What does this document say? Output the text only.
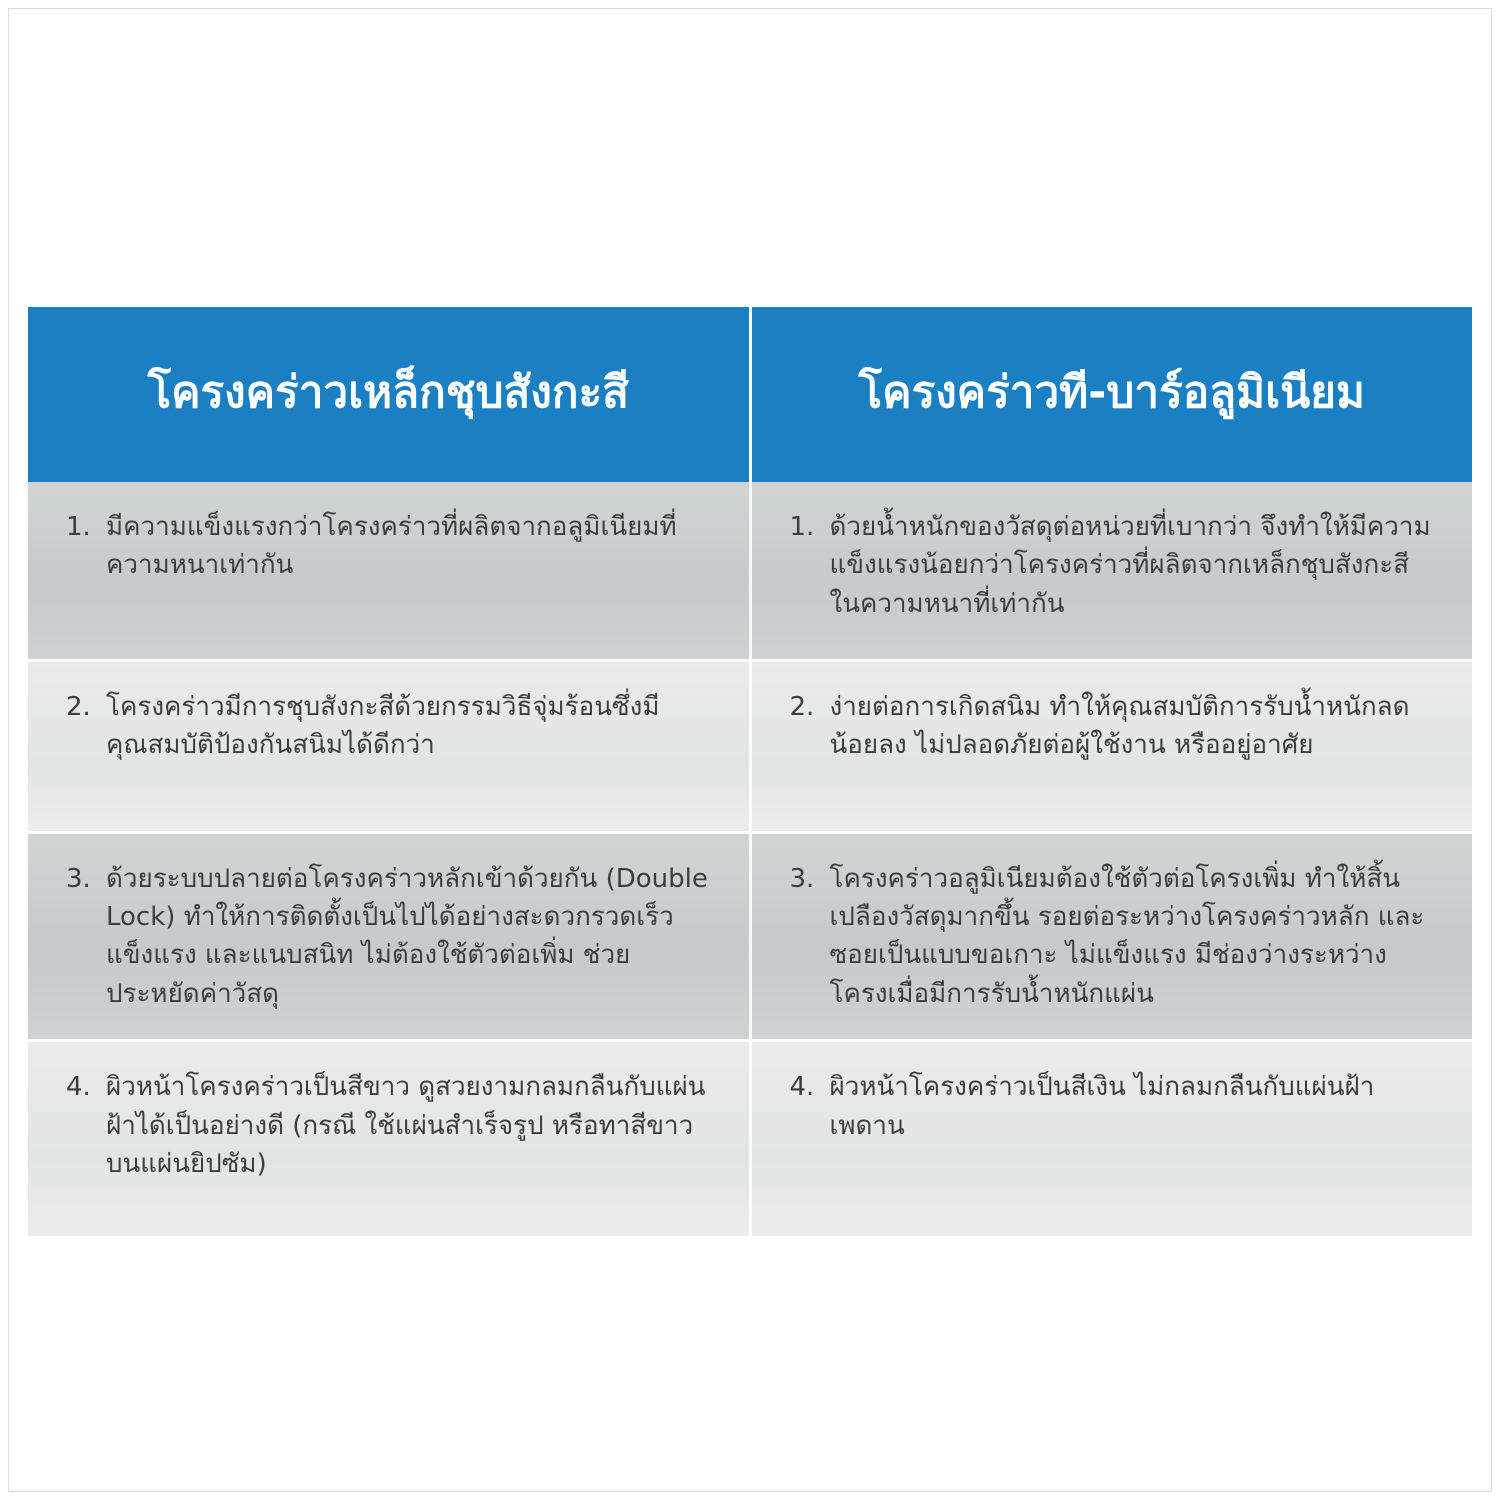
โครงคร่าวเหล็กชุบสังกะสี	โครงคร่าวที-บาร์อลูมิเนียม

1. มีความแข็งแรงกว่าโครงคร่าวที่ผลิตจากอลูมิเนียมที่ความหนาเท่ากัน	1. ด้วยน้ำหนักของวัสดุต่อหน่วยที่เบากว่า จึงทำให้มีความแข็งแรงน้อยกว่าโครงคร่าวที่ผลิตจากเหล็กชุบสังกะสีในความหนาที่เท่ากัน

2. โครงคร่าวมีการชุบสังกะสีด้วยกรรมวิธีจุ่มร้อนซึ่งมีคุณสมบัติป้องกันสนิมได้ดีกว่า	2. ง่ายต่อการเกิดสนิม ทำให้คุณสมบัติการรับน้ำหนักลดน้อยลง ไม่ปลอดภัยต่อผู้ใช้งาน หรืออยู่อาศัย

3. ด้วยระบบปลายต่อโครงคร่าวหลักเข้าด้วยกัน (Double Lock) ทำให้การติดตั้งเป็นไปได้อย่างสะดวกรวดเร็ว แข็งแรง และแนบสนิท ไม่ต้องใช้ตัวต่อเพิ่ม ช่วยประหยัดค่าวัสดุ	3. โครงคร่าวอลูมิเนียมต้องใช้ตัวต่อโครงเพิ่ม ทำให้สิ้นเปลืองวัสดุมากขึ้น รอยต่อระหว่างโครงคร่าวหลัก และซอยเป็นแบบขอเกาะ ไม่แข็งแรง มีช่องว่างระหว่างโครงเมื่อมีการรับน้ำหนักแผ่น

4. ผิวหน้าโครงคร่าวเป็นสีขาว ดูสวยงามกลมกลืนกับแผ่นฝ้าได้เป็นอย่างดี (กรณี ใช้แผ่นสำเร็จรูป หรือทาสีขาวบนแผ่นยิปซัม)	4. ผิวหน้าโครงคร่าวเป็นสีเงิน ไม่กลมกลืนกับแผ่นฝ้าเพดาน
